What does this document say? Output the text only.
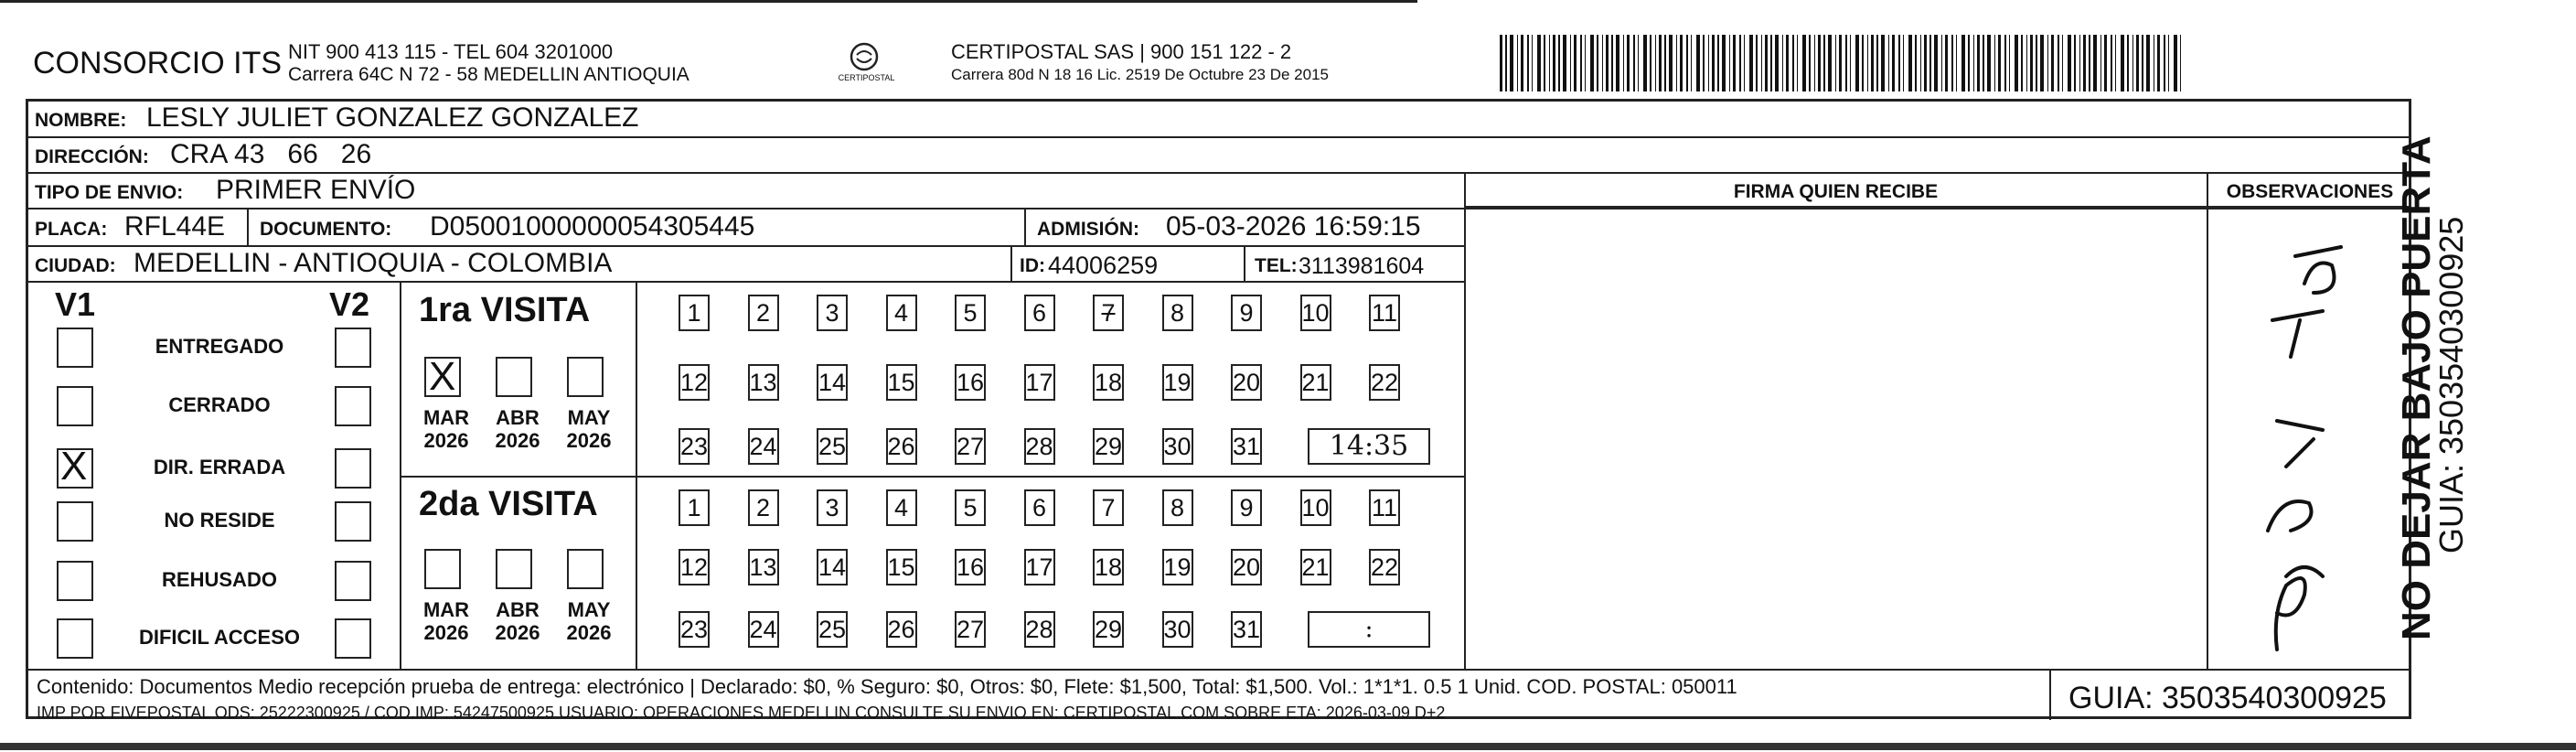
CONSORCIO ITS NIT 900 413 115 - TEL 604 3201000
Carrera 64C N 72 - 58 MEDELLIN ANTIOQUIA	CERTIPOSTAL
CERTIPOSTAL SAS | 900 151 122 - 2
Carrera 80d N 18 16 Lic. 2519 De Octubre 23 De 2015
NOMBRE: LESLY JULIET GONZALEZ GONZALEZ
DIRECCIÓN: CRA 43   66   26
TIPO DE ENVIO: PRIMER ENVÍO
PLACA: RFL44E DOCUMENTO: D05001000000054305445	ADMISIÓN: 05-03-2026 16:59:15
CIUDAD: MEDELLIN - ANTIOQUIA - COLOMBIA	ID: 44006259	TEL: 3113981604
FIRMA QUIEN RECIBE	OBSERVACIONES
V1	V2
ENTREGADO
CERRADO
X	DIR. ERRADA
NO RESIDE
REHUSADO
DIFICIL ACCESO
1ra VISITA
2da VISITA
X
MAR
2026
ABR
2026
MAY
2026
MAR
2026
ABR
2026
MAY
2026
1	2	3	4	5	6	7	8	9	10 11
12 13 14 15 16 17 18 19 20 21 22
23 24 25 26 27 28 29 30 31	14:35
1	2	3	4	5	6	7	8	9	10 11
12 13 14 15 16 17 18 19 20 21 22
23 24 25 26 27 28 29 30 31	:
Poltr in trior	NO DEJAR BAJO PUERTA
GUIA: 3503540300925
Contenido: Documentos Medio recepción prueba de entrega: electrónico | Declarado: $0, % Seguro: $0, Otros: $0, Flete: $1,500, Total: $1,500. Vol.: 1*1*1. 0.5 1 Unid. COD. POSTAL: 050011
IMP POR FIVEPOSTAL ODS: 25222300925 / COD.IMP: 54247500925 USUARIO: OPERACIONES MEDELLIN CONSULTE SU ENVIO EN: CERTIPOSTAL.COM SOBRE ETA: 2026-03-09 D+2	GUIA: 3503540300925
